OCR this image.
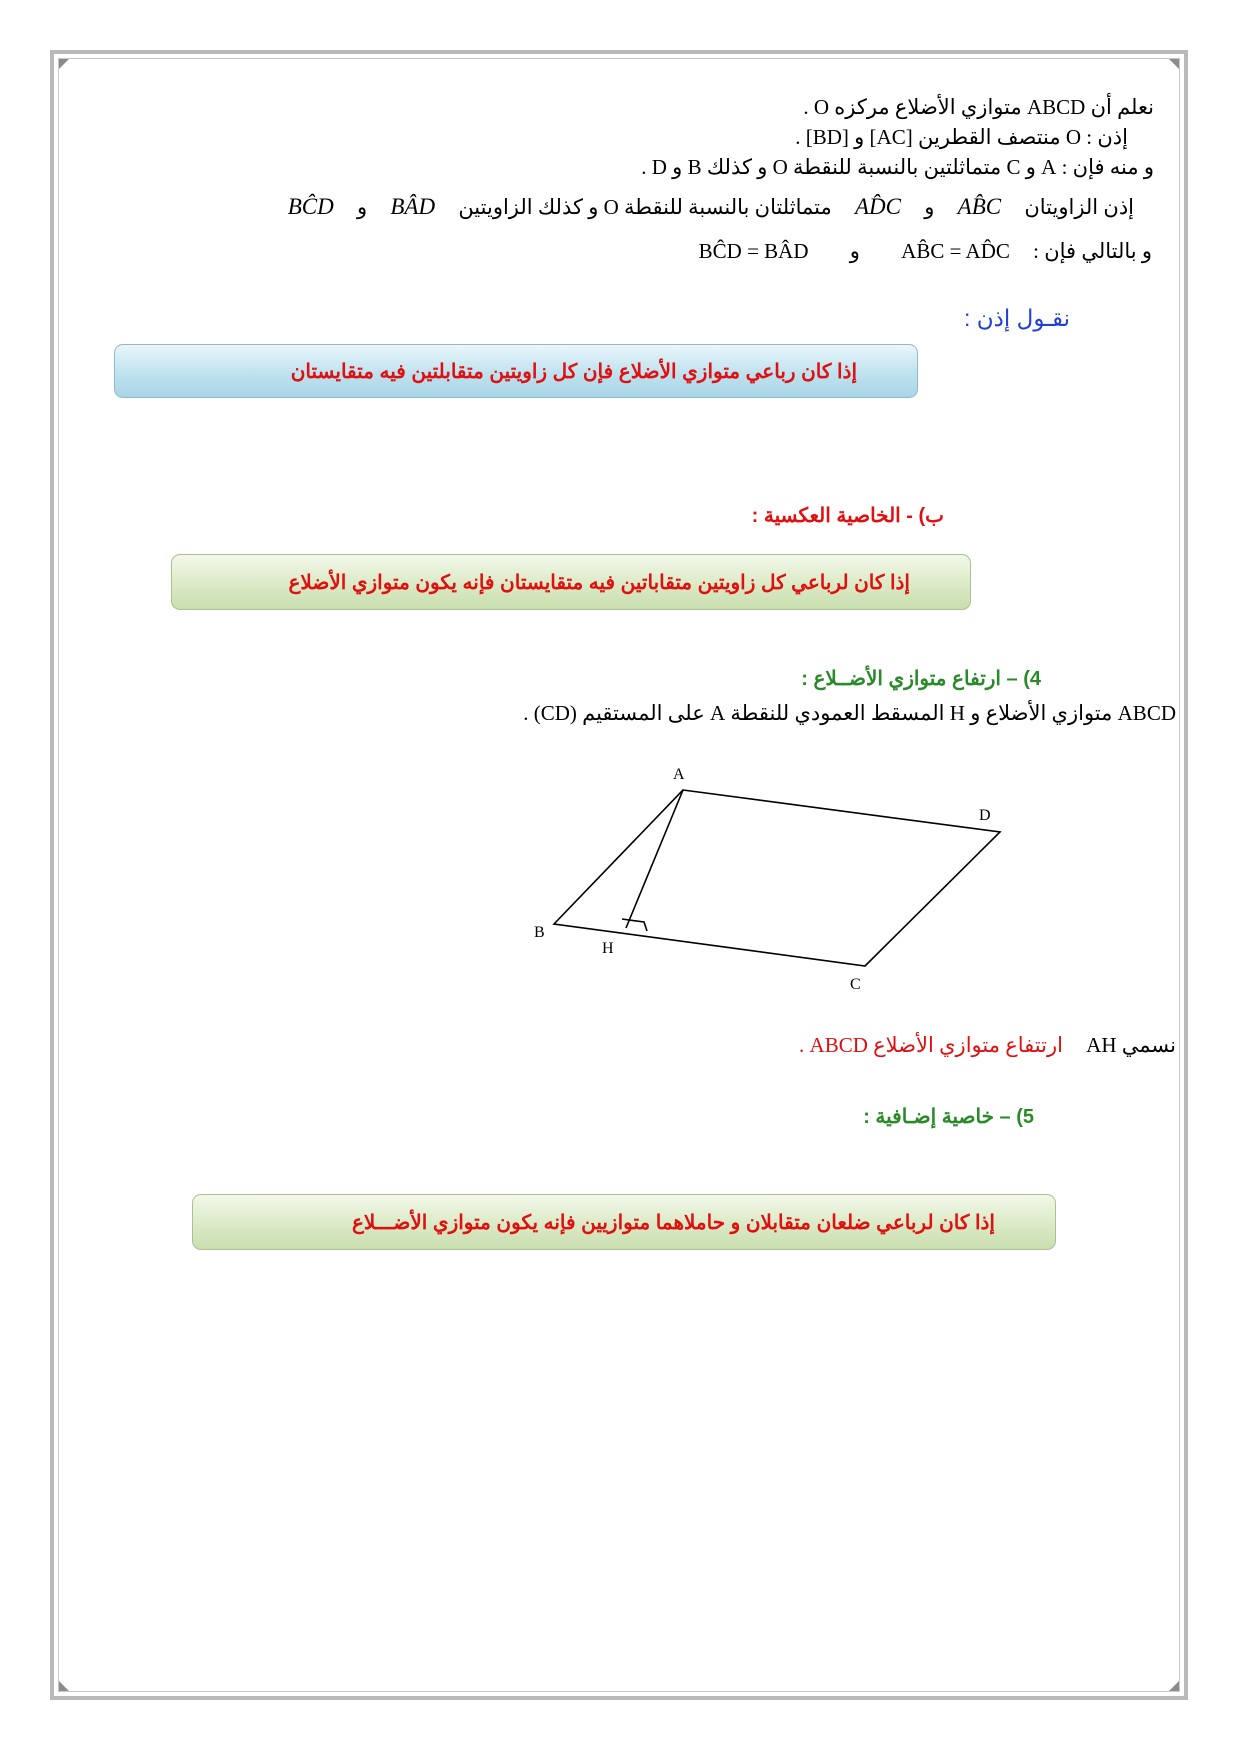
نعلم أن ABCD متوازي الأضلاع مركزه O .
إذن : O منتصف القطرين [AC] و [BD] .
و منه فإن : A و C متماثلتين بالنسبة للنقطة O و كذلك B و D .
إذن الزاويتان AB̂C و AD̂C متماثلتان بالنسبة للنقطة O و كذلك الزاويتين BÂD و BĈD
و بالتالي فإن : AB̂C = AD̂C و BĈD = BÂD
نقـول إذن :
إذا كان رباعي متوازي الأضلاع فإن كل زاويتين متقابلتين فيه متقايستان
ب) - الخاصية العكسية :
إذا كان لرباعي كل زاويتين متقاباتين فيه متقايستان فإنه يكون متوازي الأضلاع
4) – ارتفاع متوازي الأضــلاع :
ABCD متوازي الأضلاع و H المسقط العمودي للنقطة A على المستقيم (CD) .
A
D
B
H
C
نسمي AH ارتتفاع متوازي الأضلاع ABCD .
5) – خاصية إضـافية :
إذا كان لرباعي ضلعان متقابلان و حاملاهما متوازيين فإنه يكون متوازي الأضـــلاع
